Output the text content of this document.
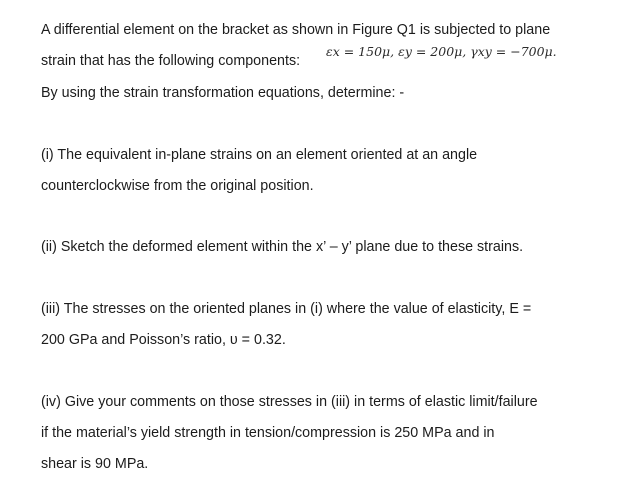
A differential element on the bracket as shown in Figure Q1 is subjected to plane
strain that has the following components:
εx = 150μ, εy = 200μ, γxy = −700μ.
By using the strain transformation equations, determine: -
(i) The equivalent in-plane strains on an element oriented at an angle
counterclockwise from the original position.
(ii) Sketch the deformed element within the x’ – y’ plane due to these strains.
(iii) The stresses on the oriented planes in (i) where the value of elasticity, E =
200 GPa and Poisson’s ratio, υ = 0.32.
(iv) Give your comments on those stresses in (iii) in terms of elastic limit/failure
if the material’s yield strength in tension/compression is 250 MPa and in
shear is 90 MPa.
